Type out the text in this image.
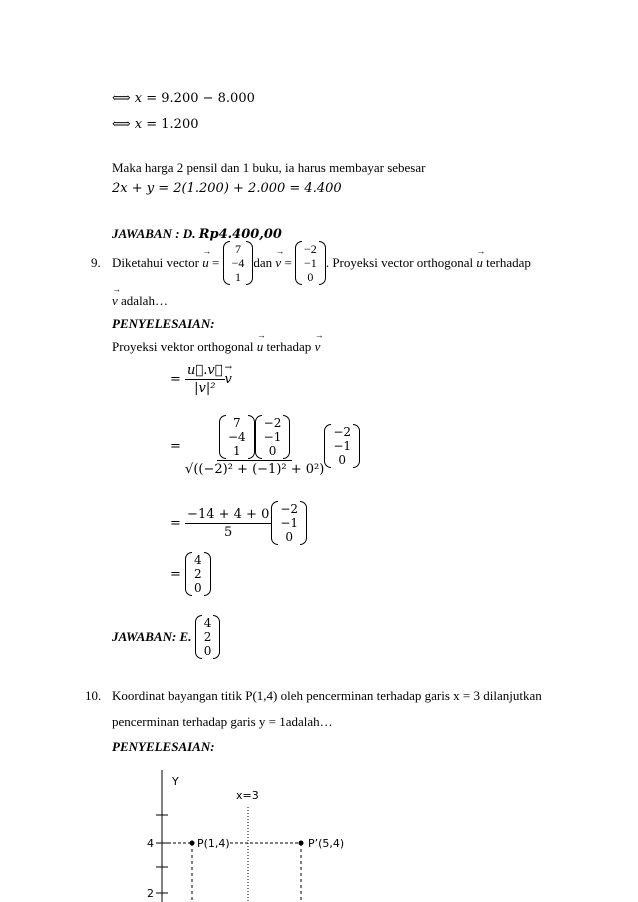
⟺ x = 9.200 − 8.000
⟺ x = 1.200
Maka harga 2 pensil dan 1 buku, ia harus membayar sebesar
2x + y = 2(1.200) + 2.000 = 4.400
JAWABAN : D. Rp4.400,00
9. Diketahui vector

→ u
=

7
−4
1
dan

→ v
=

−2
−1
0
. Proyeksi vector orthogonal

→ u
terhadap
→ v adalah…
PENYELESAIAN:
Proyeksi vektor orthogonal → u terhadap → v
=
$\frac{u⃗.v⃗}{\text{|v|²}}$
→ v
=

7
−4
1
−2
−1
0
√((−2)² + (−1)² + 0²)
−2
−1
0
=
$\frac{-14 + 4 + 0}{5} -2$
−1
0
=

4
2
0
JAWABAN: E.

4
2
0
10. Koordinat bayangan titik P(1,4) oleh pencerminan terhadap garis x = 3 dilanjutkan
pencerminan terhadap garis y = 1adalah…
PENYELESAIAN:
Y
4
2
x=3
P(1,4)	P’(5,4)
